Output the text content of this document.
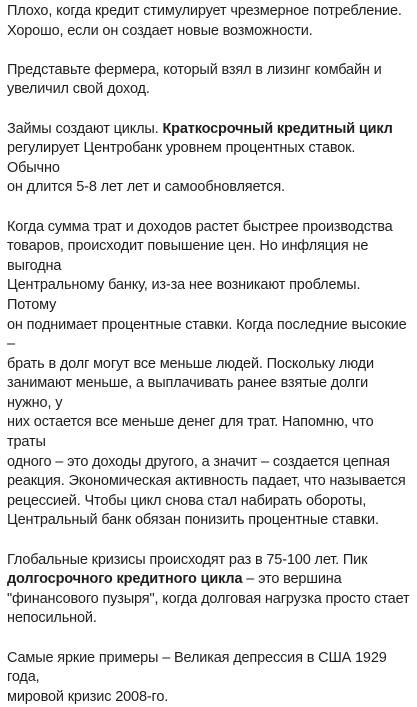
Плохо, когда кредит стимулирует чрезмерное потребление.
Хорошо, если он создает новые возможности.

Представьте фермера, который взял в лизинг комбайн и
увеличил свой доход.

Займы создают циклы. Краткосрочный кредитный цикл
регулирует Центробанк уровнем процентных ставок. Обычно
он длится 5-8 лет лет и самообновляется.

Когда сумма трат и доходов растет быстрее производства
товаров, происходит повышение цен. Но инфляция не выгодна
Центральному банку, из-за нее возникают проблемы. Потому
он поднимает процентные ставки. Когда последние высокие –
брать в долг могут все меньше людей. Поскольку люди
занимают меньше, а выплачивать ранее взятые долги нужно, у
них остается все меньше денег для трат. Напомню, что траты
одного – это доходы другого, а значит – создается цепная
реакция. Экономическая активность падает, что называется
рецессией. Чтобы цикл снова стал набирать обороты,
Центральный банк обязан понизить процентные ставки.

Глобальные кризисы происходят раз в 75-100 лет. Пик
долгосрочного кредитного цикла – это вершина
"финансового пузыря", когда долговая нагрузка просто стает
непосильной.

Самые яркие примеры – Великая депрессия в США 1929 года,
мировой кризис 2008-го.
